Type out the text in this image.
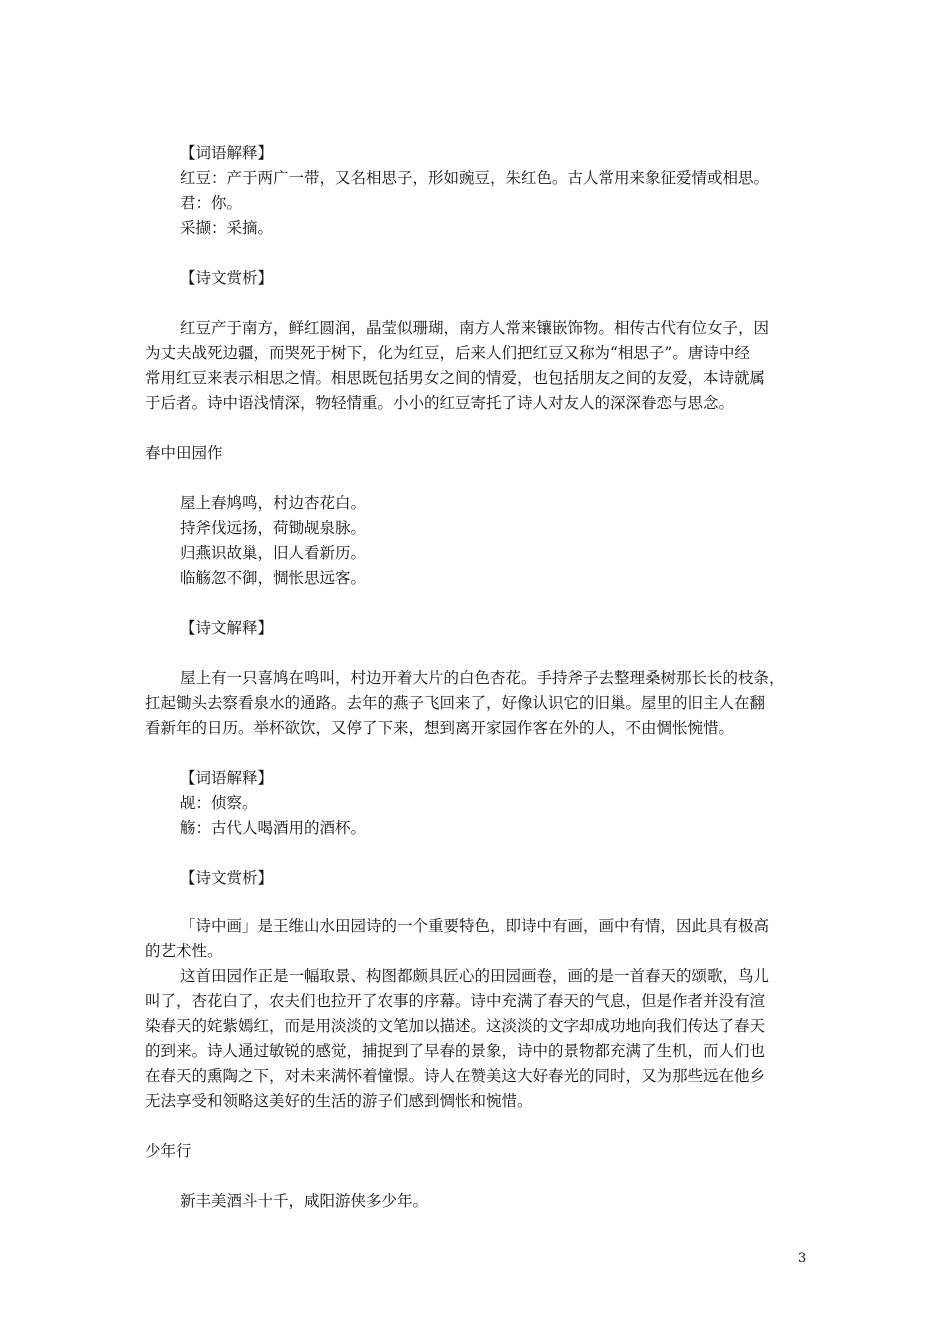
【词语解释】
红豆：产于两广一带，又名相思子，形如豌豆，朱红色。古人常用来象征爱情或相思。
君：你。
采撷：采摘。
【诗文赏析】
红豆产于南方，鲜红圆润，晶莹似珊瑚，南方人常来镶嵌饰物。相传古代有位女子，因
为丈夫战死边疆，而哭死于树下，化为红豆，后来人们把红豆又称为“相思子”。唐诗中经
常用红豆来表示相思之情。相思既包括男女之间的情爱，也包括朋友之间的友爱，本诗就属
于后者。诗中语浅情深，物轻情重。小小的红豆寄托了诗人对友人的深深眷恋与思念。
春中田园作
屋上春鸠鸣，村边杏花白。
持斧伐远扬，荷锄觇泉脉。
归燕识故巢，旧人看新历。
临觞忽不御，惆怅思远客。
【诗文解释】
屋上有一只喜鸠在鸣叫，村边开着大片的白色杏花。手持斧子去整理桑树那长长的枝条，
扛起锄头去察看泉水的通路。去年的燕子飞回来了，好像认识它的旧巢。屋里的旧主人在翻
看新年的日历。举杯欲饮，又停了下来，想到离开家园作客在外的人，不由惆怅惋惜。
【词语解释】
觇：侦察。
觞：古代人喝酒用的酒杯。
【诗文赏析】
「诗中画」是王维山水田园诗的一个重要特色，即诗中有画，画中有情，因此具有极高
的艺术性。
这首田园作正是一幅取景、构图都颇具匠心的田园画卷，画的是一首春天的颂歌，鸟儿
叫了，杏花白了，农夫们也拉开了农事的序幕。诗中充满了春天的气息，但是作者并没有渲
染春天的姹紫嫣红，而是用淡淡的文笔加以描述。这淡淡的文字却成功地向我们传达了春天
的到来。诗人通过敏锐的感觉，捕捉到了早春的景象，诗中的景物都充满了生机，而人们也
在春天的熏陶之下，对未来满怀着憧憬。诗人在赞美这大好春光的同时，又为那些远在他乡
无法享受和领略这美好的生活的游子们感到惆怅和惋惜。
少年行
新丰美酒斗十千，咸阳游侠多少年。
3
